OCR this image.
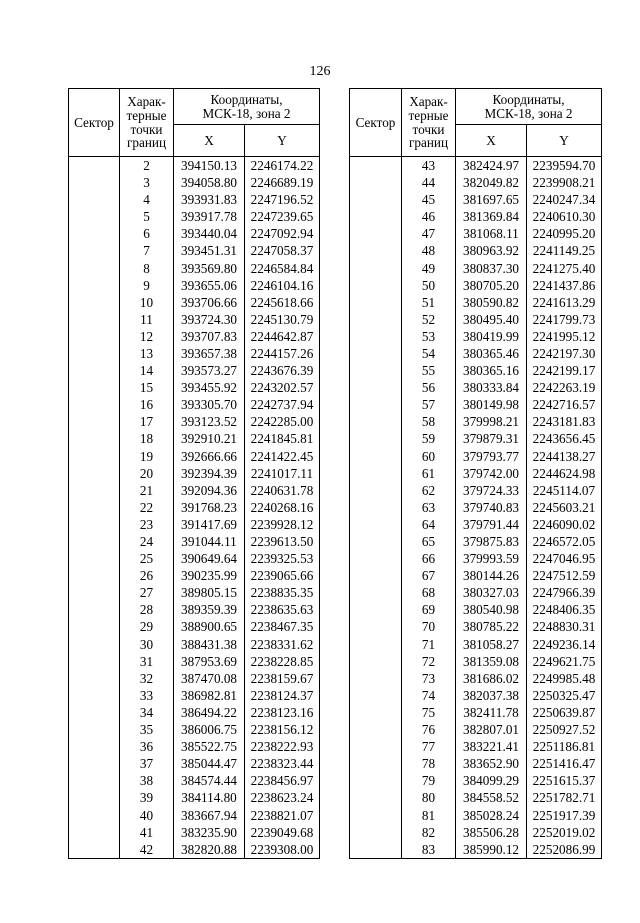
126
Сектор	Харак-терные точки границ	Координаты, МСК-18, зона 2	
		X	Y
	2	394150.13	2246174.22
	3	394058.80	2246689.19
	4	393931.83	2247196.52
	5	393917.78	2247239.65
	6	393440.04	2247092.94
	7	393451.31	2247058.37
	8	393569.80	2246584.84
	9	393655.06	2246104.16
	10	393706.66	2245618.66
	11	393724.30	2245130.79
	12	393707.83	2244642.87
	13	393657.38	2244157.26
	14	393573.27	2243676.39
	15	393455.92	2243202.57
	16	393305.70	2242737.94
	17	393123.52	2242285.00
	18	392910.21	2241845.81
	19	392666.66	2241422.45
	20	392394.39	2241017.11
	21	392094.36	2240631.78
	22	391768.23	2240268.16
	23	391417.69	2239928.12
	24	391044.11	2239613.50
	25	390649.64	2239325.53
	26	390235.99	2239065.66
	27	389805.15	2238835.35
	28	389359.39	2238635.63
	29	388900.65	2238467.35
	30	388431.38	2238331.62
	31	387953.69	2238228.85
	32	387470.08	2238159.67
	33	386982.81	2238124.37
	34	386494.22	2238123.16
	35	386006.75	2238156.12
	36	385522.75	2238222.93
	37	385044.47	2238323.44
	38	384574.44	2238456.97
	39	384114.80	2238623.24
	40	383667.94	2238821.07
	41	383235.90	2239049.68
	42	382820.88	2239308.00
Сектор	Харак-терные точки границ	Координаты, МСК-18, зона 2	
		X	Y
	43	382424.97	2239594.70
	44	382049.82	2239908.21
	45	381697.65	2240247.34
	46	381369.84	2240610.30
	47	381068.11	2240995.20
	48	380963.92	2241149.25
	49	380837.30	2241275.40
	50	380705.20	2241437.86
	51	380590.82	2241613.29
	52	380495.40	2241799.73
	53	380419.99	2241995.12
	54	380365.46	2242197.30
	55	380365.16	2242199.17
	56	380333.84	2242263.19
	57	380149.98	2242716.57
	58	379998.21	2243181.83
	59	379879.31	2243656.45
	60	379793.77	2244138.27
	61	379742.00	2244624.98
	62	379724.33	2245114.07
	63	379740.83	2245603.21
	64	379791.44	2246090.02
	65	379875.83	2246572.05
	66	379993.59	2247046.95
	67	380144.26	2247512.59
	68	380327.03	2247966.39
	69	380540.98	2248406.35
	70	380785.22	2248830.31
	71	381058.27	2249236.14
	72	381359.08	2249621.75
	73	381686.02	2249985.48
	74	382037.38	2250325.47
	75	382411.78	2250639.87
	76	382807.01	2250927.52
	77	383221.41	2251186.81
	78	383652.90	2251416.47
	79	384099.29	2251615.37
	80	384558.52	2251782.71
	81	385028.24	2251917.39
	82	385506.28	2252019.02
	83	385990.12	2252086.99
